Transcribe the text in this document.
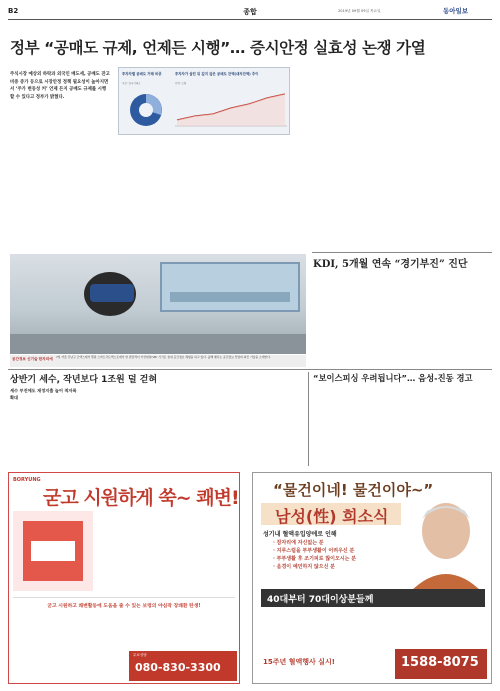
B2	종합	2019년 09월 09일 목요일	동아일보
정부 “공매도 규제, 언제든 시행”… 증시안정 실효성 논쟁 가열
주식시장 예상외 하락과 외국인 매도세, 공매도 잔고 비중 증가 등으로 시장안정 정책 필요성이 높아지면서 ‘주가 변동성 커’ 언제 든지 공매도 규제를 시행할 수 있다고 정부가 밝혔다.
투자자별 공매도 거래 비중
자료: 한국거래소
투자자가 살린 뒤 갚지 않은 공매도 잔액(대차잔액) 추이
단위: 조원
공간정보 신기술 한자리에 7일 서울 강남구 코엑스에서 열린 스마트국토엑스포에서 한 관람객이 가상현실(VR) 기기로 실내 공간정보 체험을 하고 있다. 올해 행사는 공간정보 산업의 최신 기술을 소개한다.
KDI, 5개월 연속 “경기부진” 진단
상반기 세수, 작년보다 1조원 덜 걷혀
세수 부진에도 재정지출 늘어 적자폭 확대
“보이스피싱 우려됩니다”… 음성-진동 경고
BORYUNG
굳고 시원하게 쑥~ 쾌변!
굳고 시원하고 쾌변활동에 도움을 줄 수 있는 보령의 야심작 장쾌환 탄생!
무료상담
080-830-3300
“물건이네! 물건이야~”
남성(性) 희소식
성기내 혈액유입양에로 인해
· 잠자리에 자신없는 분
· 지루스럼을 부부생활이 어려우신 분
· 부부생활 후 조기피로 많이오시는 분
· 음경이 예민하지 않으신 분
40대부터 70대이상분들께
15주년 혈액행사 실시!	1588-8075
